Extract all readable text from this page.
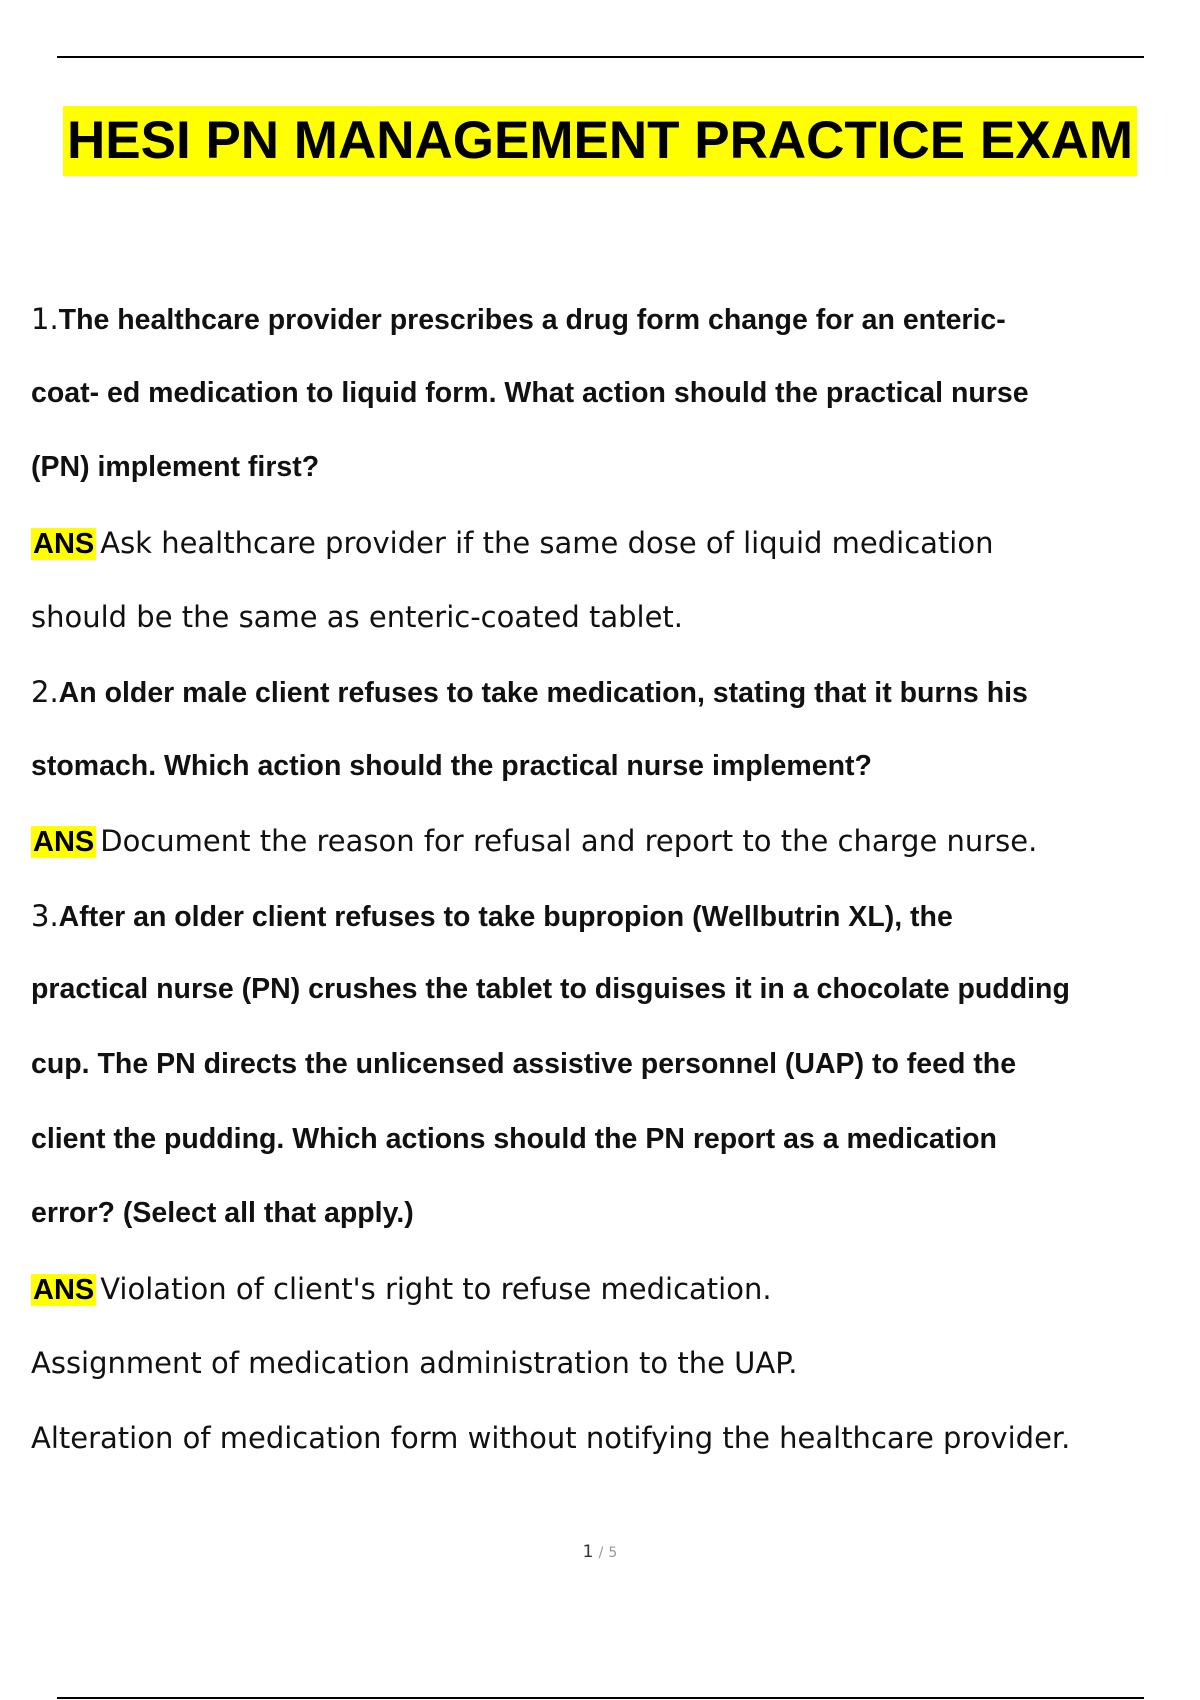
HESI PN MANAGEMENT PRACTICE EXAM
1.The healthcare provider prescribes a drug form change for an enteric-
coat- ed medication to liquid form. What action should the practical nurse
(PN) implement first?
ANS Ask healthcare provider if the same dose of liquid medication
should be the same as enteric-coated tablet.
2.An older male client refuses to take medication, stating that it burns his
stomach. Which action should the practical nurse implement?
ANS Document the reason for refusal and report to the charge nurse.
3.After an older client refuses to take bupropion (Wellbutrin XL), the
practical nurse (PN) crushes the tablet to disguises it in a chocolate pudding
cup. The PN directs the unlicensed assistive personnel (UAP) to feed the
client the pudding. Which actions should the PN report as a medication
error? (Select all that apply.)
ANS Violation of client's right to refuse medication.
Assignment of medication administration to the UAP.
Alteration of medication form without notifying the healthcare provider.
1 / 5
